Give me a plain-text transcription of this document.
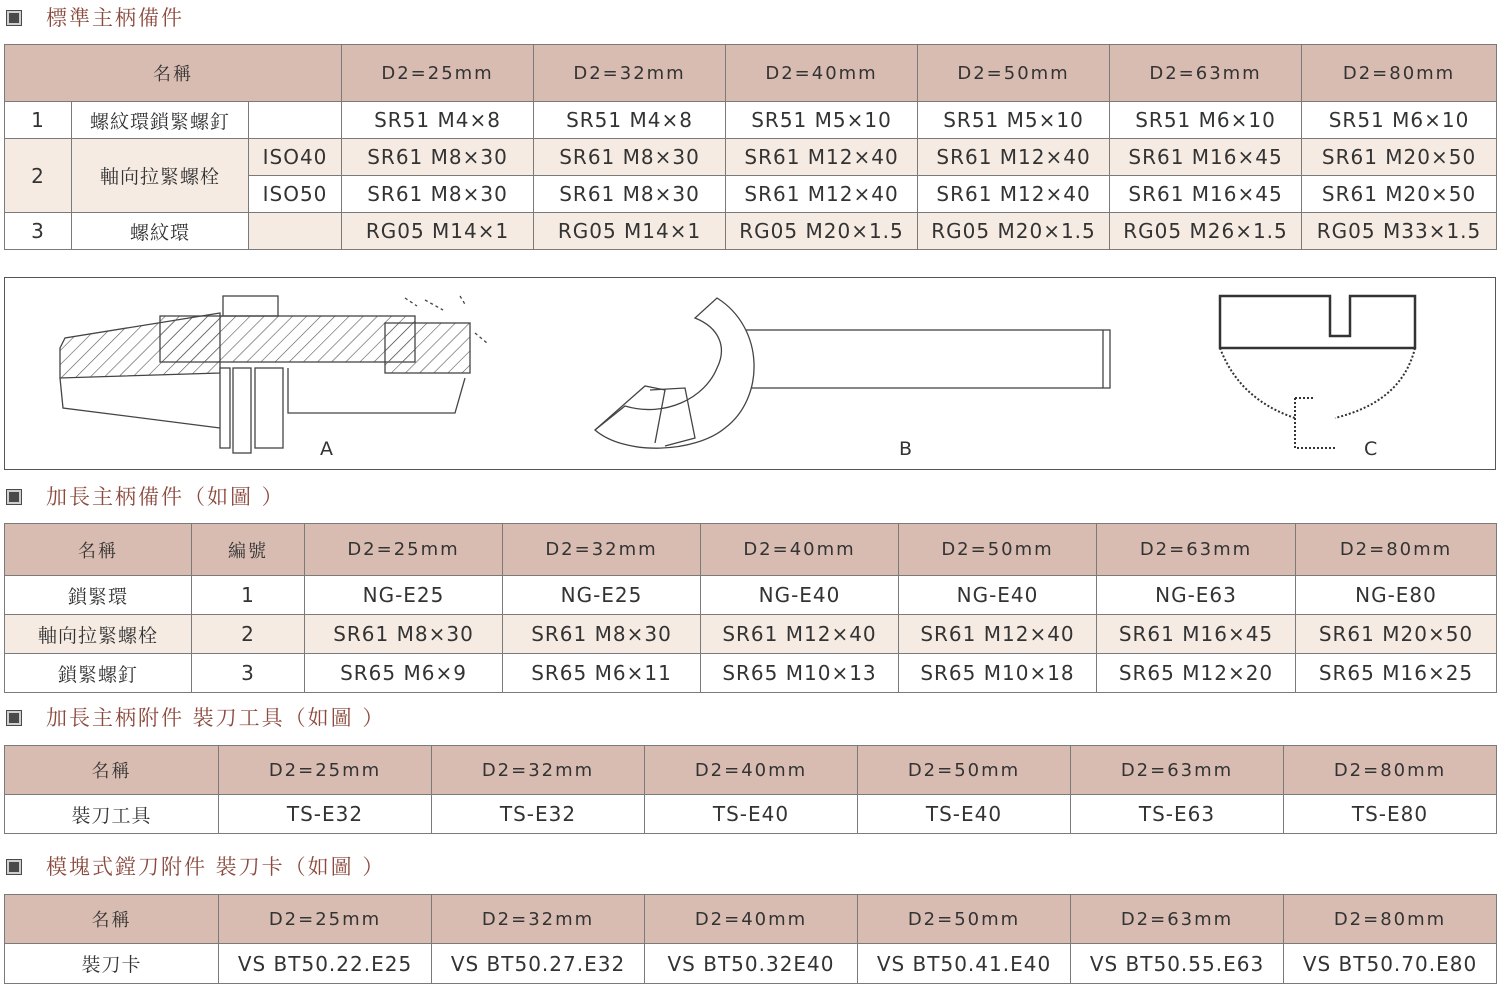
標準主柄備件
名稱			D2=25mm	D2=32mm	D2=40mm	D2=50mm	D2=63mm	D2=80mm
1	螺紋環鎖緊螺釘		SR51 M4×8	SR51 M4×8	SR51 M5×10	SR51 M5×10	SR51 M6×10	SR51 M6×10
2	軸向拉緊螺栓	ISO40	SR61 M8×30	SR61 M8×30	SR61 M12×40	SR61 M12×40	SR61 M16×45	SR61 M20×50
		ISO50	SR61 M8×30	SR61 M8×30	SR61 M12×40	SR61 M12×40	SR61 M16×45	SR61 M20×50
3	螺紋環		RG05 M14×1	RG05 M14×1	RG05 M20×1.5	RG05 M20×1.5	RG05 M26×1.5	RG05 M33×1.5
A	B	C
加長主柄備件（如圖 ）
名稱	編號	D2=25mm	D2=32mm	D2=40mm	D2=50mm	D2=63mm	D2=80mm
鎖緊環	1	NG-E25	NG-E25	NG-E40	NG-E40	NG-E63	NG-E80
軸向拉緊螺栓	2	SR61 M8×30	SR61 M8×30	SR61 M12×40	SR61 M12×40	SR61 M16×45	SR61 M20×50
鎖緊螺釘	3	SR65 M6×9	SR65 M6×11	SR65 M10×13	SR65 M10×18	SR65 M12×20	SR65 M16×25
加長主柄附件 裝刀工具（如圖 ）
名稱	D2=25mm	D2=32mm	D2=40mm	D2=50mm	D2=63mm	D2=80mm
裝刀工具	TS-E32	TS-E32	TS-E40	TS-E40	TS-E63	TS-E80
模塊式鏜刀附件 裝刀卡（如圖 ）
名稱	D2=25mm	D2=32mm	D2=40mm	D2=50mm	D2=63mm	D2=80mm
裝刀卡	VS BT50.22.E25	VS BT50.27.E32	VS BT50.32E40	VS BT50.41.E40	VS BT50.55.E63	VS BT50.70.E80
